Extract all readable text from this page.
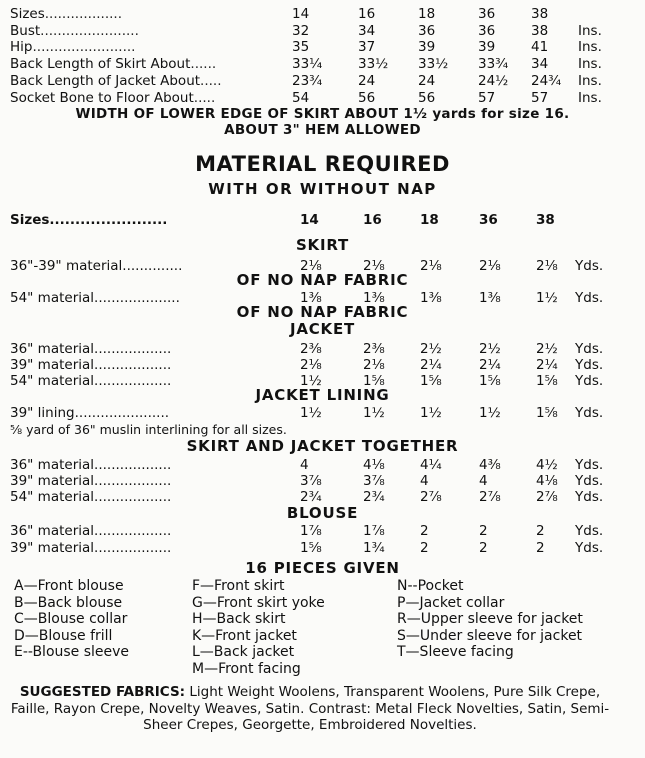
Sizes..................	14	16	18	36	38
Bust.......................	32	34	36	36	38 Ins.
Hip........................	35	37	39	39	41 Ins.
Back Length of Skirt About......	33¼	33½ 33½ 33¾ 34 Ins.
Back Length of Jacket About.....	23¾	24	24	24½ 24¾ Ins.
Socket Bone to Floor About.....	54	56	56	57	57 Ins.
WIDTH OF LOWER EDGE OF SKIRT ABOUT 1½ yards for size 16.
ABOUT 3" HEM ALLOWED
MATERIAL REQUIRED
WITH OR WITHOUT NAP
Sizes.......................	14	16	18	36	38
SKIRT
36"-39" material..............	2⅛	2⅛	2⅛	2⅛	2⅛ Yds.
OF NO NAP FABRIC
54" material....................	1⅜	1⅜	1⅜	1⅜	1½ Yds.
OF NO NAP FABRIC
JACKET
36" material..................	2⅜	2⅜	2½	2½	2½ Yds.
39" material..................	2⅛	2⅛	2¼	2¼	2¼ Yds.
54" material..................	1½	1⅝	1⅝	1⅝	1⅝ Yds.
JACKET LINING
39" lining......................	1½	1½	1½	1½	1⅝ Yds.
⅝ yard of 36" muslin interlining for all sizes.
SKIRT AND JACKET TOGETHER
36" material..................	4	4⅛	4¼	4⅜	4½ Yds.
39" material..................	3⅞	3⅞	4	4	4⅛ Yds.
54" material..................	2¾	2¾	2⅞	2⅞	2⅞ Yds.
BLOUSE
36" material..................	1⅞	1⅞	2	2	2 Yds.
39" material..................	1⅝	1¾	2	2	2 Yds.
16 PIECES GIVEN
A—Front blouse
B—Back blouse
C—Blouse collar
D—Blouse frill
E--Blouse sleeve
F—Front skirt
G—Front skirt yoke
H—Back skirt
K—Front jacket
L—Back jacket
M—Front facing
N--Pocket
P—Jacket collar
R—Upper sleeve for jacket
S—Under sleeve for jacket
T—Sleeve facing
SUGGESTED FABRICS: Light Weight Woolens, Transparent Woolens, Pure Silk Crepe, Faille, Rayon Crepe, Novelty Weaves, Satin. Contrast: Metal Fleck Novelties, Satin, Semi-Sheer Crepes, Georgette, Embroidered Novelties.
